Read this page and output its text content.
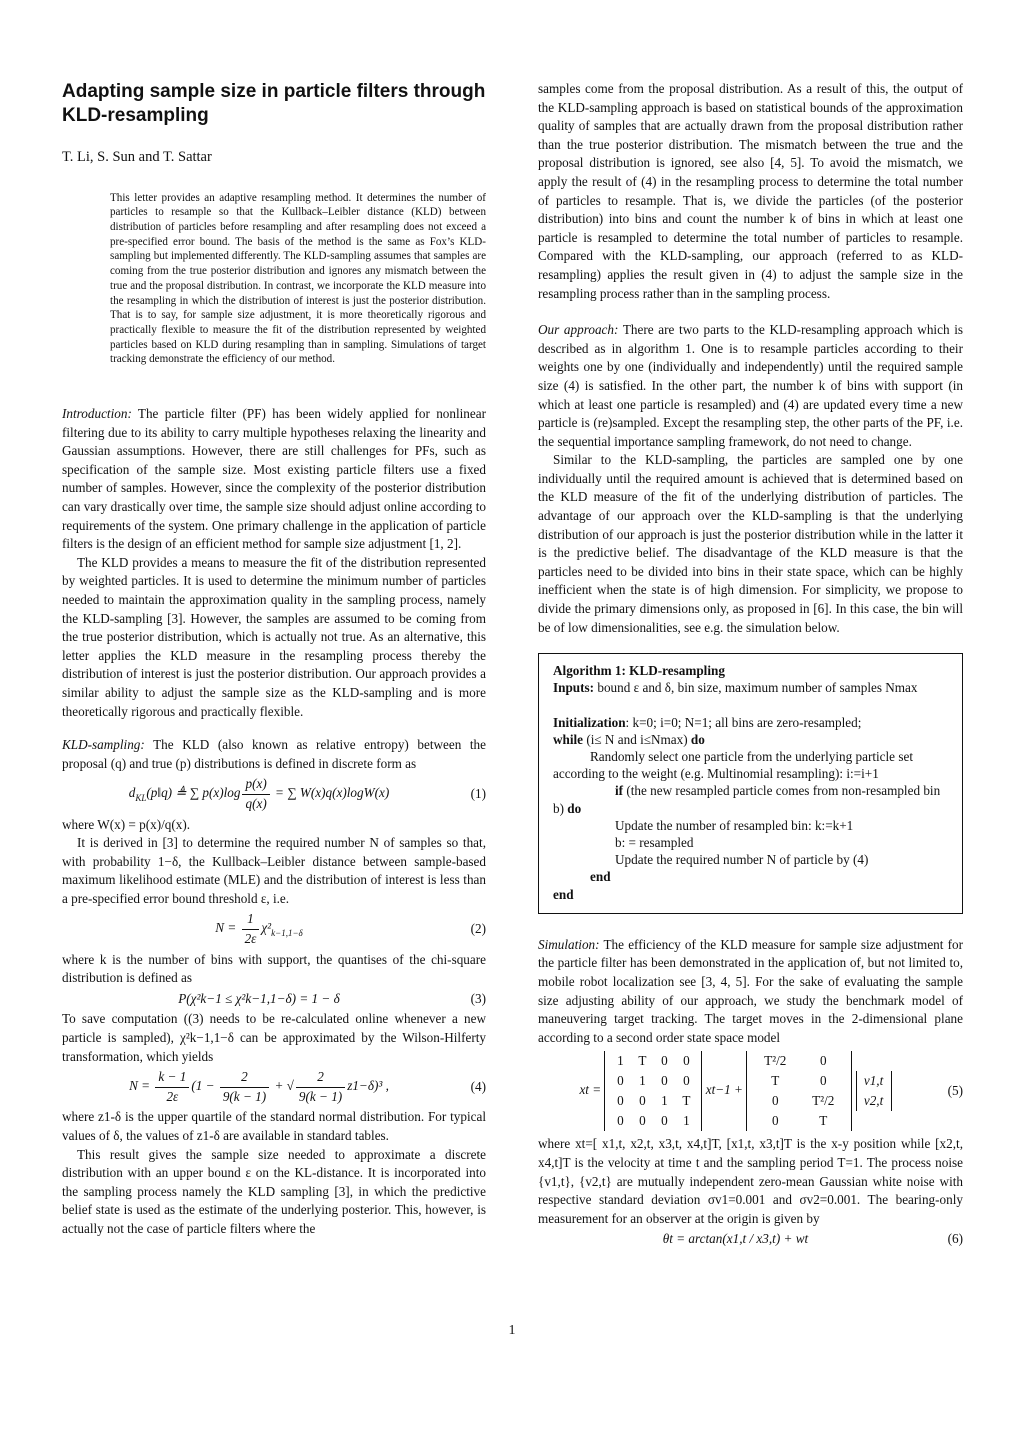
Adapting sample size in particle filters through KLD-resampling
T. Li, S. Sun and T. Sattar
This letter provides an adaptive resampling method. It determines the number of particles to resample so that the Kullback–Leibler distance (KLD) between distribution of particles before resampling and after resampling does not exceed a pre-specified error bound. The basis of the method is the same as Fox’s KLD-sampling but implemented differently. The KLD-sampling assumes that samples are coming from the true posterior distribution and ignores any mismatch between the true and the proposal distribution. In contrast, we incorporate the KLD measure into the resampling in which the distribution of interest is just the posterior distribution. That is to say, for sample size adjustment, it is more theoretically rigorous and practically flexible to measure the fit of the distribution represented by weighted particles based on KLD during resampling than in sampling. Simulations of target tracking demonstrate the efficiency of our method.

Introduction: The particle filter (PF) has been widely applied for nonlinear filtering due to its ability to carry multiple hypotheses relaxing the linearity and Gaussian assumptions. However, there are still challenges for PFs, such as specification of the sample size. Most existing particle filters use a fixed number of samples. However, since the complexity of the posterior distribution can vary drastically over time, the sample size should adjust online according to requirements of the system. One primary challenge in the application of particle filters is the design of an efficient method for sample size adjustment [1, 2].

The KLD provides a means to measure the fit of the distribution represented by weighted particles. It is used to determine the minimum number of particles needed to maintain the approximation quality in the sampling process, namely the KLD-sampling [3]. However, the samples are assumed to be coming from the true posterior distribution, which is actually not true. As an alternative, this letter applies the KLD measure in the resampling process thereby the distribution of interest is just the posterior distribution. Our approach provides a similar ability to adjust the sample size as the KLD-sampling and is more theoretically rigorous and practically flexible.

KLD-sampling: The KLD (also known as relative entropy) between the proposal (q) and true (p) distributions is defined in discrete form as

$d_{KL}(p‖q)$ ≜ ∑ $p(x)\log \frac{p(x)}{q(x)}$ = ∑ W(x)q(x)logW(x)	(1)

where W(x) = p(x)/q(x).

It is derived in [3] to determine the required number N of samples so that, with probability 1−δ, the Kullback–Leibler distance between sample-based maximum likelihood estimate (MLE) and the distribution of interest is less than a pre-specified error bound threshold ε, i.e.

$N = \frac{1}{2\varepsilon} \chi^2_{k-1,1-\delta}$	(2)

where k is the number of bins with support, the quantises of the chi-square distribution is defined as

P(χ²k−1 ≤ χ²k−1,1−δ) = 1 − δ	(3)

To save computation ((3) needs to be re-calculated online whenever a new particle is sampled), χ²k−1,1−δ can be approximated by the Wilson-Hilferty transformation, which yields

$N = \frac{k - 1}{2\varepsilon} (1 - \frac{2}{9(k - 1)}$ + √ $\frac{2}{9(k - 1)} z1-\delta)^3$ ,	(4)

where z1-δ is the upper quartile of the standard normal distribution. For typical values of δ, the values of z1-δ are available in standard tables.

This result gives the sample size needed to approximate a discrete distribution with an upper bound ε on the KL-distance. It is incorporated into the sampling process namely the KLD sampling [3], in which the predictive belief state is used as the estimate of the underlying posterior. This, however, is actually not the case of particle filters where the

samples come from the proposal distribution. As a result of this, the output of the KLD-sampling approach is based on statistical bounds of the approximation quality of samples that are actually drawn from the proposal distribution rather than the true posterior distribution. The mismatch between the true and the proposal distribution is ignored, see also [4, 5]. To avoid the mismatch, we apply the result of (4) in the resampling process to determine the total number of particles to resample. That is, we divide the particles (of the posterior distribution) into bins and count the number k of bins in which at least one particle is resampled to determine the total number of particles to resample. Compared with the KLD-sampling, our approach (referred to as KLD-resampling) applies the result given in (4) to adjust the sample size in the resampling process rather than in the sampling process.

Our approach: There are two parts to the KLD-resampling approach which is described as in algorithm 1. One is to resample particles according to their weights one by one (individually and independently) until the required sample size (4) is satisfied. In the other part, the number k of bins with support (in which at least one particle is resampled) and (4) are updated every time a new particle is (re)sampled. Except the resampling step, the other parts of the PF, i.e. the sequential importance sampling framework, do not need to change.

Similar to the KLD-sampling, the particles are sampled one by one individually until the required amount is achieved that is determined based on the KLD measure of the fit of the underlying distribution of particles. The advantage of our approach over the KLD-sampling is that the underlying distribution of our approach is just the posterior distribution while in the latter it is the predictive belief. The disadvantage of the KLD measure is that the particles need to be divided into bins in their state space, which can be highly inefficient when the state is of high dimension. For simplicity, we propose to divide the primary dimensions only, as proposed in [6]. In this case, the bin will be of low dimensionalities, see e.g. the simulation below.

Algorithm 1: KLD-resampling
Inputs: bound ε and δ, bin size, maximum number of samples Nmax
Initialization: k=0; i=0; N=1; all bins are zero-resampled;
while (i≤ N and i≤Nmax) do
Randomly select one particle from the underlying particle set according to the weight (e.g. Multinomial resampling): i:=i+1
if (the new resampled particle comes from non-resampled bin b) do
Update the number of resampled bin: k:=k+1
b: = resampled
Update the required number N of particle by (4)
end
end

Simulation: The efficiency of the KLD measure for sample size adjustment for the particle filter has been demonstrated in the application of, but not limited to, mobile robot localization see [3, 4, 5]. For the sake of evaluating the sample size adjusting ability of our approach, we study the benchmark model of maneuvering target tracking. The target moves in the 2-dimensional plane according to a second order state space model

xt =
1	T	0	0
0	1	0	0
0	0	1	T
0	0	0	1
xt−1 +
T²/2	0
T	0
0	T²/2
0	T

v1,t
v2,t
(5)

where xt=[ x1,t, x2,t, x3,t, x4,t]T, [x1,t, x3,t]T is the x-y position while [x2,t, x4,t]T is the velocity at time t and the sampling period T=1. The process noise {v1,t}, {v2,t} are mutually independent zero-mean Gaussian white noise with respective standard deviation σv1=0.001 and σv2=0.001. The bearing-only measurement for an observer at the origin is given by

θt = arctan(x1,t / x3,t) + wt	(6)
1
